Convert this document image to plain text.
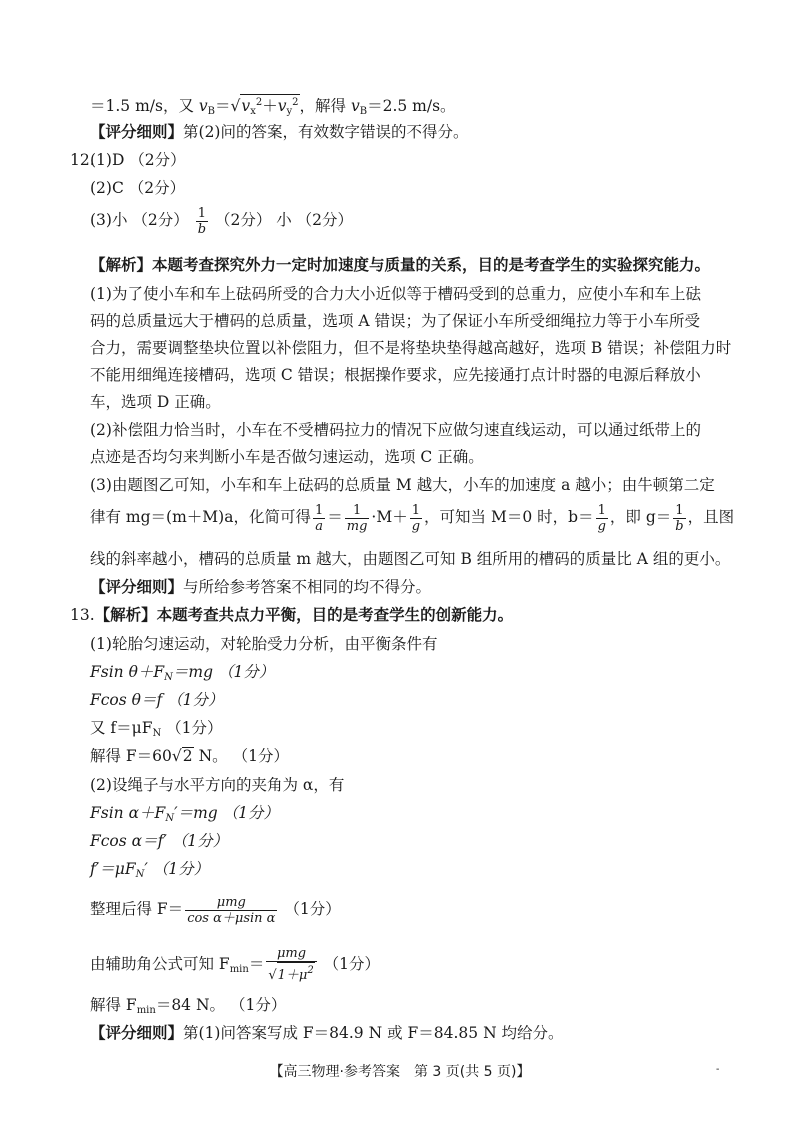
＝1.5 m/s，又 $v_B=√v_x^2+v_y^2$，解得 $v_B=2.5$ m/s。
【评分细则】第(2)问的答案，有效数字错误的不得分。
12.
(1)D （2分）
(2)C （2分）
(3)小 （2分） $\frac{1}{b} (2$分） 小 （2分）
【解析】本题考查探究外力一定时加速度与质量的关系，目的是考查学生的实验探究能力。
(1)为了使小车和车上砝码所受的合力大小近似等于槽码受到的总重力，应使小车和车上砝
码的总质量远大于槽码的总质量，选项 A 错误；为了保证小车所受细绳拉力等于小车所受
合力，需要调整垫块位置以补偿阻力，但不是将垫块垫得越高越好，选项 B 错误；补偿阻力时
不能用细绳连接槽码，选项 C 错误；根据操作要求，应先接通打点计时器的电源后释放小
车，选项 D 正确。
(2)补偿阻力恰当时，小车在不受槽码拉力的情况下应做匀速直线运动，可以通过纸带上的
点迹是否均匀来判断小车是否做匀速运动，选项 C 正确。
(3)由题图乙可知，小车和车上砝码的总质量 M 越大，小车的加速度 a 越小；由牛顿第二定
律有 mg＝(m＋M)a，化简可得 $\frac{1}{a} = \frac{1}{mg} \cdot M+ \frac{1}{g}$ ，可知当 M＝0 时，$b= \frac{1}{g}$ ，即 $g= \frac{1}{b}$ ，且图
线的斜率越小，槽码的总质量 m 越大，由题图乙可知 B 组所用的槽码的质量比 A 组的更小。
【评分细则】与所给参考答案不相同的均不得分。
13.【解析】本题考查共点力平衡，目的是考查学生的创新能力。
(1)轮胎匀速运动，对轮胎受力分析，由平衡条件有
Fsin $\theta+F_N=mg$ （1分）
Fcos θ＝f （1分）
又 $f=\mu F_N$ （1分）
解得 F＝60√2 N。 （1分）
(2)设绳子与水平方向的夹角为 α，有
Fsin $\alpha+F_N'=mg$ （1分）
Fcos α＝f′ （1分）
$f'=\mu F_N'$ （1分）
整理后得 $F= \frac{\text{μmg}}{\text{cos α＋μsin α}} (1$分）
由辅助角公式可知 $F_{min}= \frac{\text{μmg}}{√1+\mu^2} (1$分）
解得 $F_{min}=84$ N。 （1分）
【评分细则】第(1)问答案写成 F＝84.9 N 或 F＝84.85 N 均给分。
【高三物理·参考答案　第 3 页(共 5 页)】	-
